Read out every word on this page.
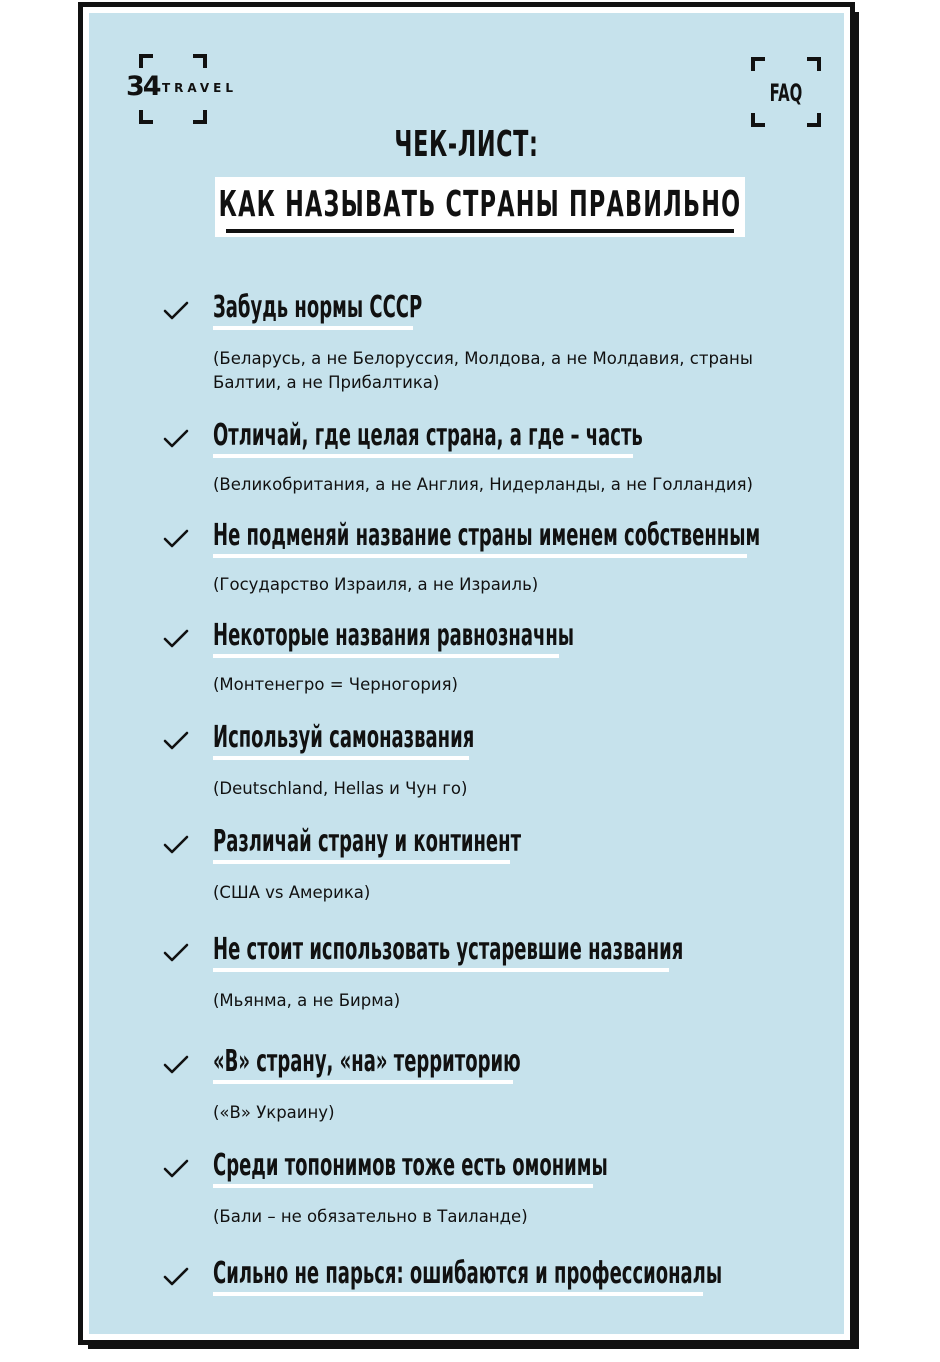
34 TRAVEL	FAQ
ЧЕК-ЛИСТ:
КАК НАЗЫВАТЬ СТРАНЫ ПРАВИЛЬНО
Забудь нормы СССР
(Беларусь, а не Белоруссия, Молдова, а не Молдавия, страны Балтии, а не Прибалтика)
Отличай, где целая страна, а где – часть
(Великобритания, а не Англия, Нидерланды, а не Голландия)
Не подменяй название страны именем собственным
(Государство Израиля, а не Израиль)
Некоторые названия равнозначны
(Монтенегро = Черногория)
Используй самоназвания
(Deutschland, Hellas и Чун го)
Различай страну и континент
(США vs Америка)
Не стоит использовать устаревшие названия
(Мьянма, а не Бирма)
«В» страну, «на» территорию
(«В» Украину)
Среди топонимов тоже есть омонимы
(Бали – не обязательно в Таиланде)
Сильно не парься: ошибаются и профессионалы
